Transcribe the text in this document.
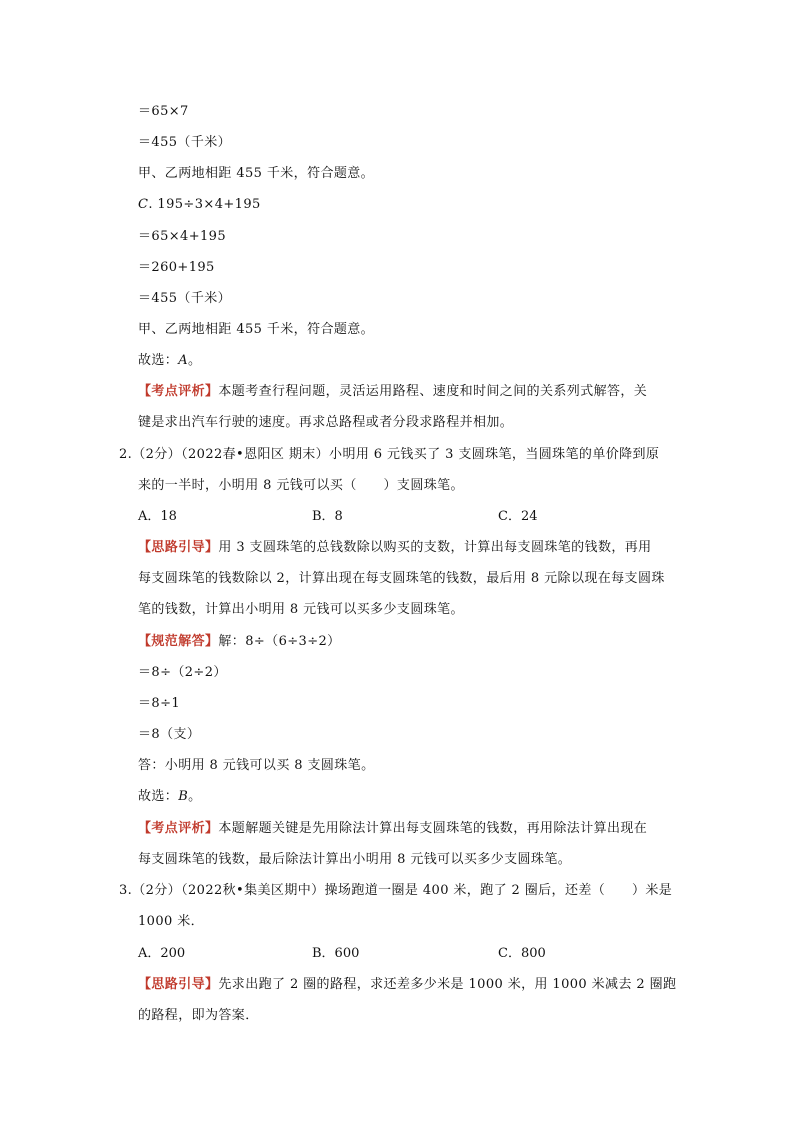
＝65×7
＝455（千米）
甲、乙两地相距 455 千米，符合题意。
C. 195÷3×4+195
＝65×4+195
＝260+195
＝455（千米）
甲、乙两地相距 455 千米，符合题意。
故选：A。
【考点评析】本题考查行程问题，灵活运用路程、速度和时间之间的关系列式解答，关
键是求出汽车行驶的速度。再求总路程或者分段求路程并相加。
2.（2分）（2022春•恩阳区 期末）小明用 6 元钱买了 3 支圆珠笔，当圆珠笔的单价降到原
来的一半时，小明用 8 元钱可以买（　　）支圆珠笔。
A．18	B．8	C．24
【思路引导】用 3 支圆珠笔的总钱数除以购买的支数，计算出每支圆珠笔的钱数，再用
每支圆珠笔的钱数除以 2，计算出现在每支圆珠笔的钱数，最后用 8 元除以现在每支圆珠
笔的钱数，计算出小明用 8 元钱可以买多少支圆珠笔。
【规范解答】解：8÷（6÷3÷2）
＝8÷（2÷2）
＝8÷1
＝8（支）
答：小明用 8 元钱可以买 8 支圆珠笔。
故选：B。
【考点评析】本题解题关键是先用除法计算出每支圆珠笔的钱数，再用除法计算出现在
每支圆珠笔的钱数，最后除法计算出小明用 8 元钱可以买多少支圆珠笔。
3.（2分）（2022秋•集美区期中）操场跑道一圈是 400 米，跑了 2 圈后，还差（　　）米是
1000 米．
A．200	B．600	C．800
【思路引导】先求出跑了 2 圈的路程，求还差多少米是 1000 米，用 1000 米减去 2 圈跑
的路程，即为答案．
